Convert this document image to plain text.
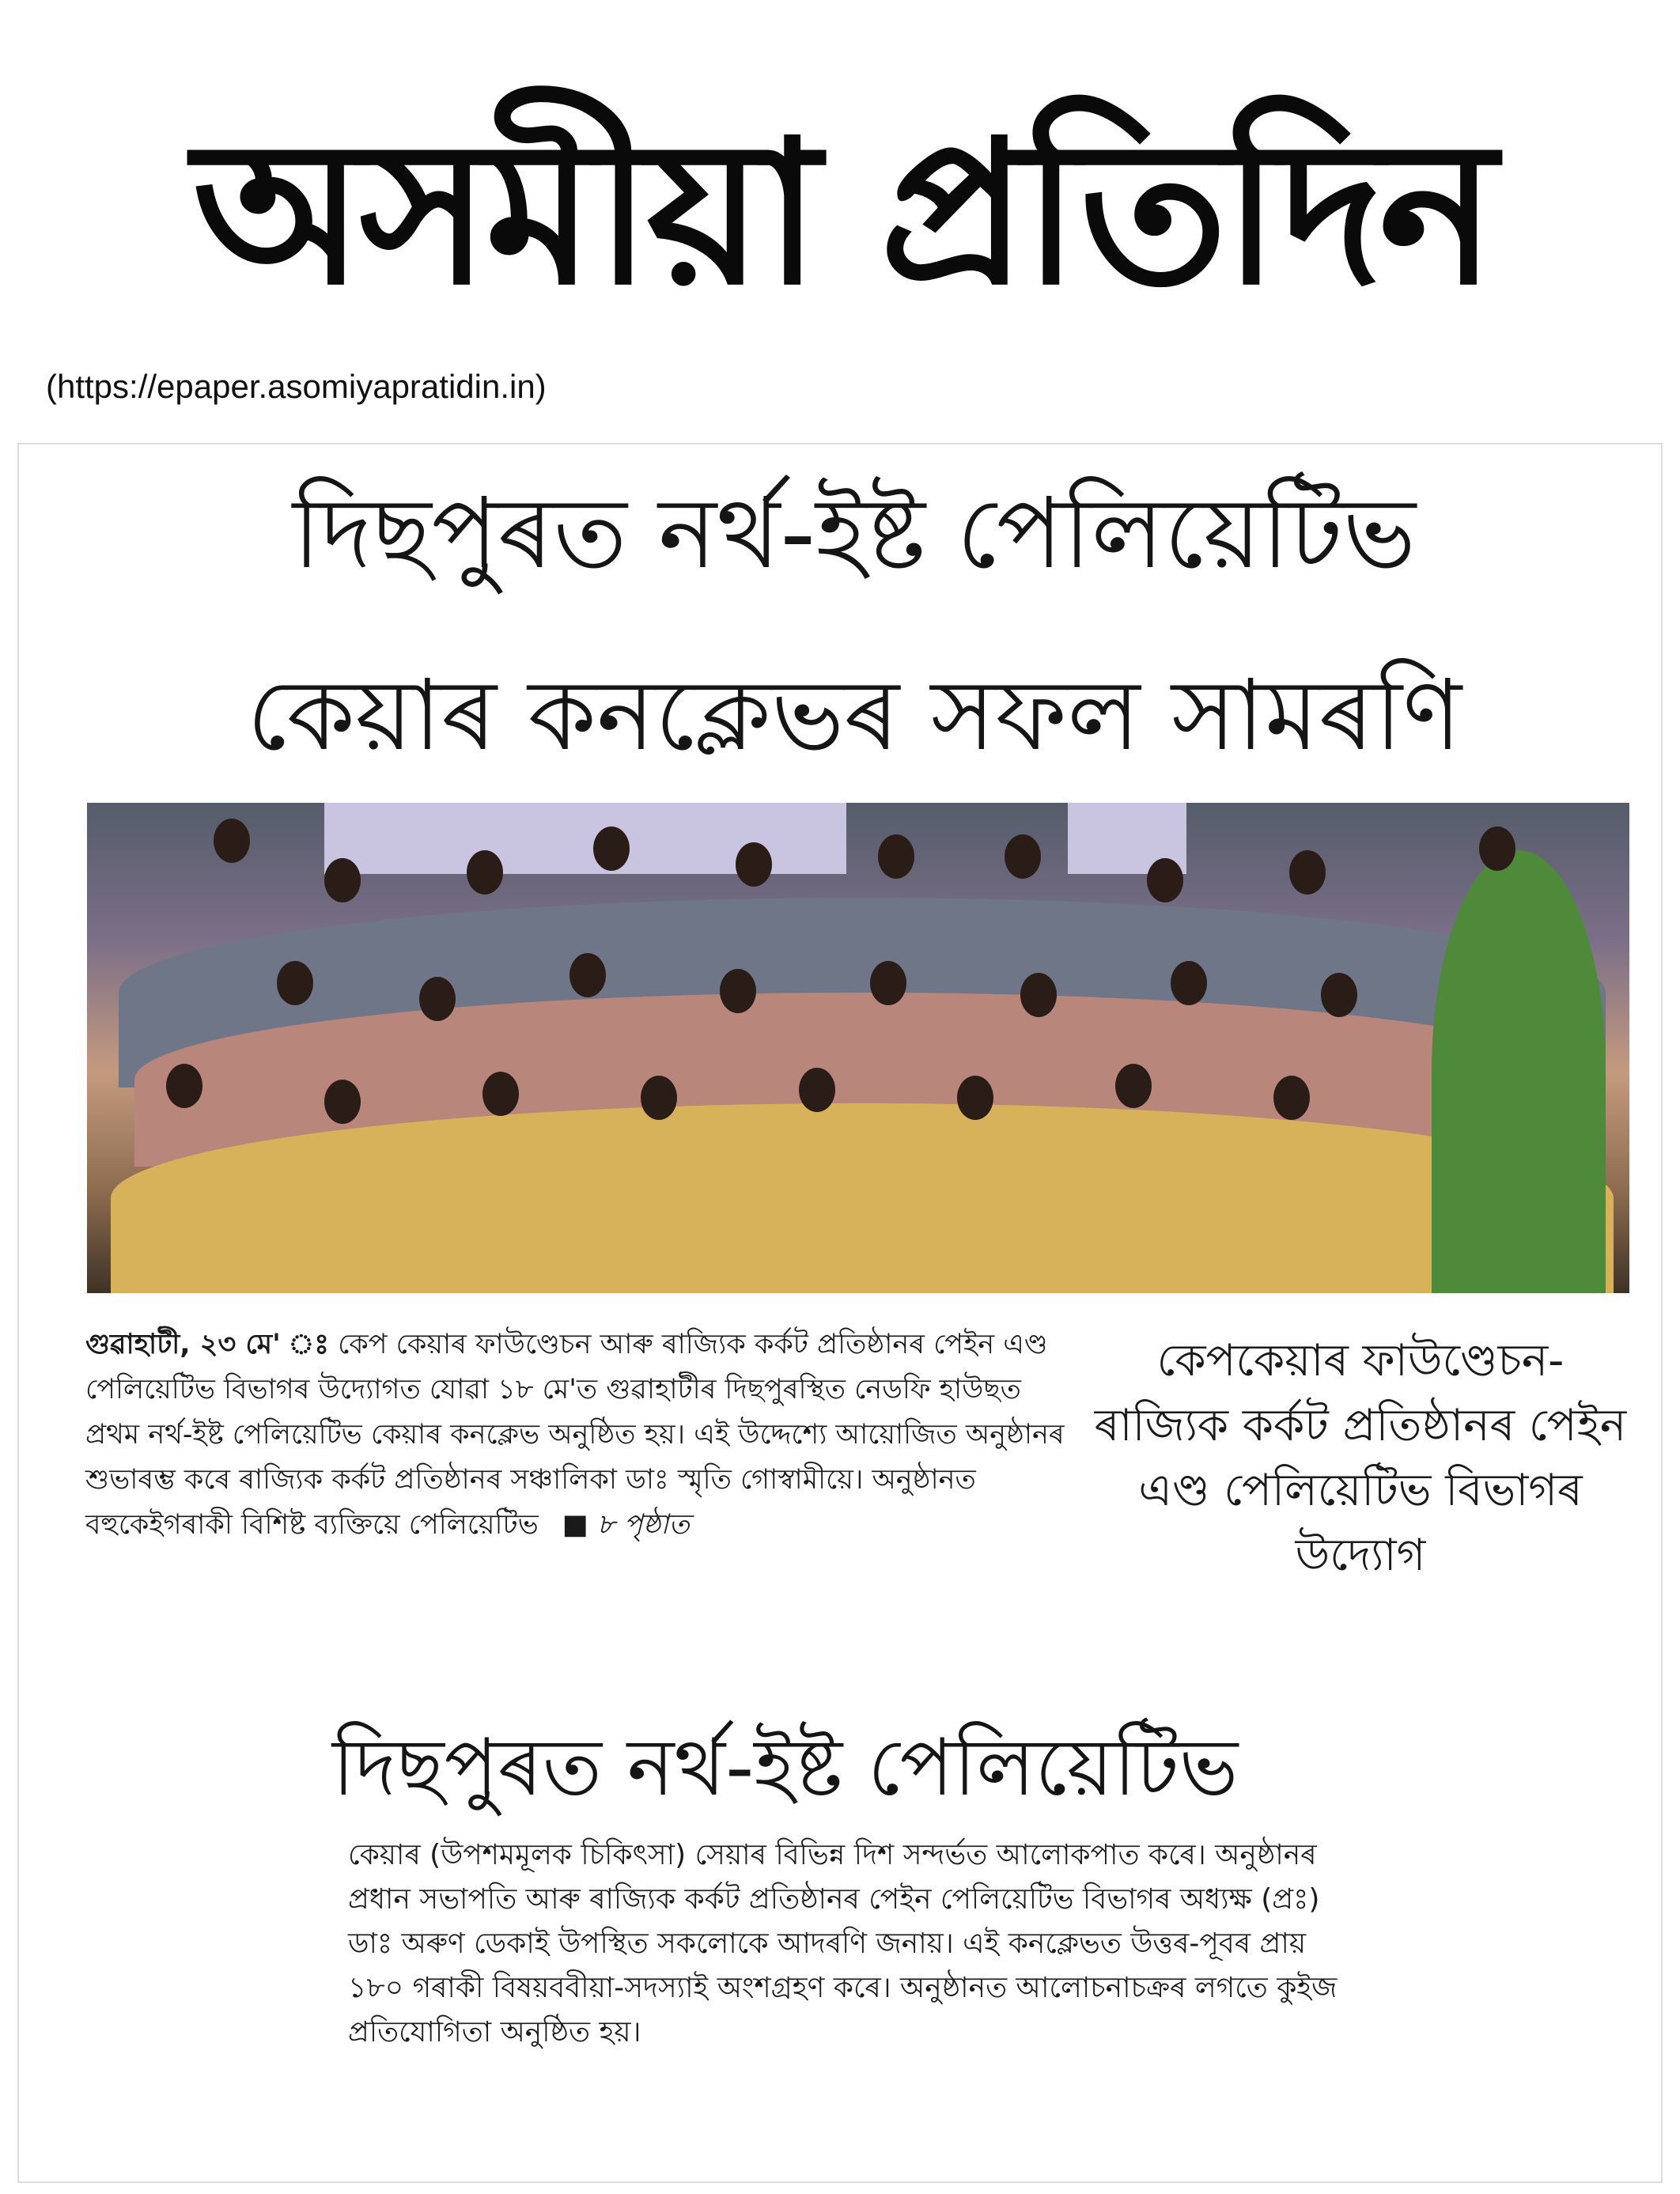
অসমীয়া প্ৰতিদিন
(https://epaper.asomiyapratidin.in)
দিছপুৰত নৰ্থ-ইষ্ট পেলিয়েটিভ
কেয়াৰ কনক্লেভৰ সফল সামৰণি
গুৱাহাটী, ২৩ মে' ঃ কেপ কেয়াৰ ফাউণ্ডেচন আৰু ৰাজ্যিক কৰ্কট প্ৰতিষ্ঠানৰ পেইন এণ্ড পেলিয়েটিভ বিভাগৰ উদ্যোগত যোৱা ১৮ মে'ত গুৱাহাটীৰ দিছপুৰস্থিত নেডফি হাউছত প্ৰথম নৰ্থ-ইষ্ট পেলিয়েটিভ কেয়াৰ কনক্লেভ অনুষ্ঠিত হয়। এই উদ্দেশ্যে আয়োজিত অনুষ্ঠানৰ শুভাৰম্ভ কৰে ৰাজ্যিক কৰ্কট প্ৰতিষ্ঠানৰ সঞ্চালিকা ডাঃ স্মৃতি গোস্বামীয়ে। অনুষ্ঠানত বহুকেইগৰাকী বিশিষ্ট ব্যক্তিয়ে পেলিয়েটিভ ■ ৮ পৃষ্ঠাত
কেপকেয়াৰ ফাউণ্ডেচন-ৰাজ্যিক কৰ্কট প্ৰতিষ্ঠানৰ পেইন এণ্ড পেলিয়েটিভ বিভাগৰ উদ্যোগ
দিছপুৰত নৰ্থ-ইষ্ট পেলিয়েটিভ
কেয়াৰ (উপশমমূলক চিকিৎসা) সেয়াৰ বিভিন্ন দিশ সন্দৰ্ভত আলোকপাত কৰে। অনুষ্ঠানৰ প্ৰধান সভাপতি আৰু ৰাজ্যিক কৰ্কট প্ৰতিষ্ঠানৰ পেইন পেলিয়েটিভ বিভাগৰ অধ্যক্ষ (প্ৰঃ) ডাঃ অৰুণ ডেকাই উপস্থিত সকলোকে আদৰণি জনায়। এই কনক্লেভত উত্তৰ-পূবৰ প্ৰায় ১৮০ গৰাকী বিষয়ববীয়া-সদস্যাই অংশগ্ৰহণ কৰে। অনুষ্ঠানত আলোচনাচক্ৰৰ লগতে কুইজ প্ৰতিযোগিতা অনুষ্ঠিত হয়।
